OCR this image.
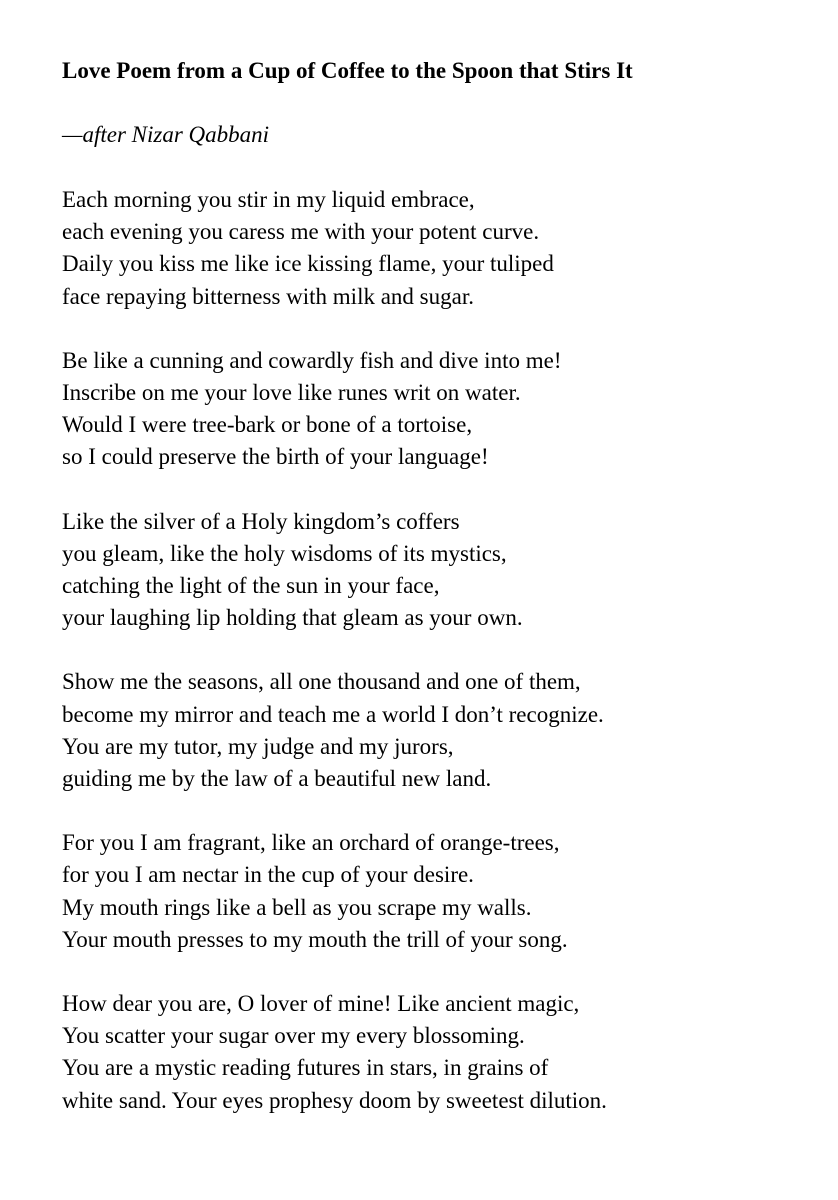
Love Poem from a Cup of Coffee to the Spoon that Stirs It

—after Nizar Qabbani

Each morning you stir in my liquid embrace,
each evening you caress me with your potent curve.
Daily you kiss me like ice kissing flame, your tuliped
face repaying bitterness with milk and sugar.
Be like a cunning and cowardly fish and dive into me!
Inscribe on me your love like runes writ on water.
Would I were tree-bark or bone of a tortoise,
so I could preserve the birth of your language!
Like the silver of a Holy kingdom’s coffers
you gleam, like the holy wisdoms of its mystics,
catching the light of the sun in your face,
your laughing lip holding that gleam as your own.
Show me the seasons, all one thousand and one of them,
become my mirror and teach me a world I don’t recognize.
You are my tutor, my judge and my jurors,
guiding me by the law of a beautiful new land.
For you I am fragrant, like an orchard of orange-trees,
for you I am nectar in the cup of your desire.
My mouth rings like a bell as you scrape my walls.
Your mouth presses to my mouth the trill of your song.
How dear you are, O lover of mine! Like ancient magic,
You scatter your sugar over my every blossoming.
You are a mystic reading futures in stars, in grains of
white sand. Your eyes prophesy doom by sweetest dilution.
